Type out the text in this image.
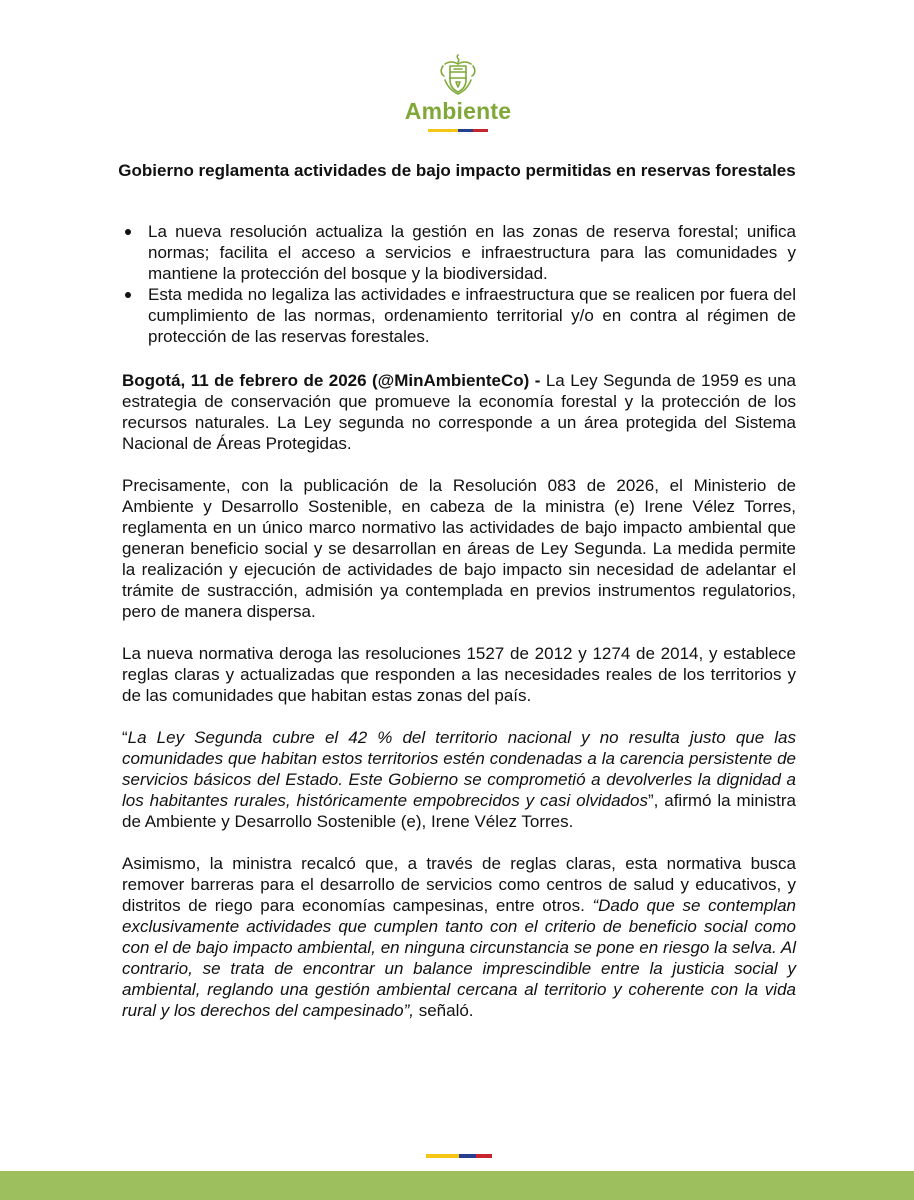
Ambiente
Gobierno reglamenta actividades de bajo impacto permitidas en reservas forestales
La nueva resolución actualiza la gestión en las zonas de reserva forestal; unifica normas; facilita el acceso a servicios e infraestructura para las comunidades y mantiene la protección del bosque y la biodiversidad.
Esta medida no legaliza las actividades e infraestructura que se realicen por fuera del cumplimiento de las normas, ordenamiento territorial y/o en contra al régimen de protección de las reservas forestales.

Bogotá, 11 de febrero de 2026 (@MinAmbienteCo) - La Ley Segunda de 1959 es una estrategia de conservación que promueve la economía forestal y la protección de los recursos naturales. La Ley segunda no corresponde a un área protegida del Sistema Nacional de Áreas Protegidas.

Precisamente, con la publicación de la Resolución 083 de 2026, el Ministerio de Ambiente y Desarrollo Sostenible, en cabeza de la ministra (e) Irene Vélez Torres, reglamenta en un único marco normativo las actividades de bajo impacto ambiental que generan beneficio social y se desarrollan en áreas de Ley Segunda. La medida permite la realización y ejecución de actividades de bajo impacto sin necesidad de adelantar el trámite de sustracción, admisión ya contemplada en previos instrumentos regulatorios, pero de manera dispersa.

La nueva normativa deroga las resoluciones 1527 de 2012 y 1274 de 2014, y establece reglas claras y actualizadas que responden a las necesidades reales de los territorios y de las comunidades que habitan estas zonas del país.

“La Ley Segunda cubre el 42 % del territorio nacional y no resulta justo que las comunidades que habitan estos territorios estén condenadas a la carencia persistente de servicios básicos del Estado. Este Gobierno se comprometió a devolverles la dignidad a los habitantes rurales, históricamente empobrecidos y casi olvidados”, afirmó la ministra de Ambiente y Desarrollo Sostenible (e), Irene Vélez Torres.

Asimismo, la ministra recalcó que, a través de reglas claras, esta normativa busca remover barreras para el desarrollo de servicios como centros de salud y educativos, y distritos de riego para economías campesinas, entre otros. “Dado que se contemplan exclusivamente actividades que cumplen tanto con el criterio de beneficio social como con el de bajo impacto ambiental, en ninguna circunstancia se pone en riesgo la selva. Al contrario, se trata de encontrar un balance imprescindible entre la justicia social y ambiental, reglando una gestión ambiental cercana al territorio y coherente con la vida rural y los derechos del campesinado”, señaló.
